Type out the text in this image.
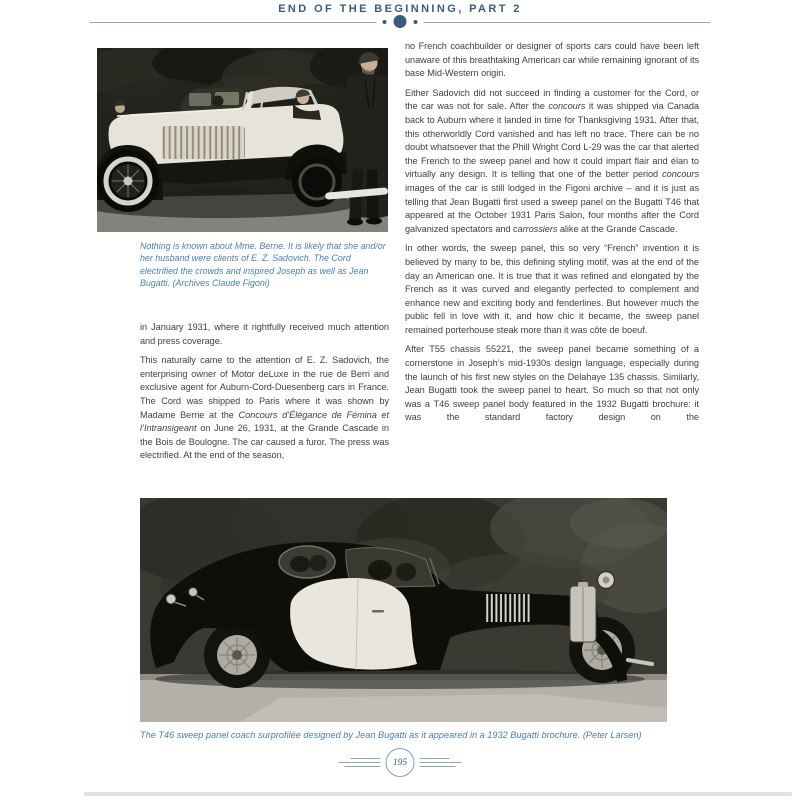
END OF THE BEGINNING, PART 2
Nothing is known about Mme. Berne. It is likely that she and/or her husband were clients of E. Z. Sadovich. The Cord electrified the crowds and inspired Joseph as well as Jean Bugatti. (Archives Claude Figoni)

in January 1931, where it rightfully received much attention and press coverage.

This naturally came to the attention of E. Z. Sadovich, the enterprising owner of Motor deLuxe in the rue de Berri and exclusive agent for Auburn-Cord-Duesenberg cars in France. The Cord was shipped to Paris where it was shown by Madame Berne at the Concours d’Élégance de Fémina et l’Intransigeant on June 26, 1931, at the Grande Cascade in the Bois de Boulogne. The car caused a furor. The press was electrified. At the end of the season,

no French coachbuilder or designer of sports cars could have been left unaware of this breathtaking American car while remaining ignorant of its base Mid-Western origin.

Either Sadovich did not succeed in finding a customer for the Cord, or the car was not for sale. After the concours it was shipped via Canada back to Auburn where it landed in time for Thanksgiving 1931. After that, this otherworldly Cord vanished and has left no trace. There can be no doubt whatsoever that the Phill Wright Cord L-29 was the car that alerted the French to the sweep panel and how it could impart flair and élan to virtually any design. It is telling that one of the better period concours images of the car is still lodged in the Figoni archive – and it is just as telling that Jean Bugatti first used a sweep panel on the Bugatti T46 that appeared at the October 1931 Paris Salon, four months after the Cord galvanized spectators and carrossiers alike at the Grande Cascade.

In other words, the sweep panel, this so very “French” invention it is believed by many to be, this defining styling motif, was at the end of the day an American one. It is true that it was refined and elongated by the French as it was curved and elegantly perfected to complement and enhance new and exciting body and fenderlines. But however much the public fell in love with it, and how chic it became, the sweep panel remained porterhouse steak more than it was côte de boeuf.

After T55 chassis 55221, the sweep panel became something of a cornerstone in Joseph’s mid-1930s design language, especially during the launch of his first new styles on the Delahaye 135 chassis. Similarly, Jean Bugatti took the sweep panel to heart. So much so that not only was a T46 sweep panel body featured in the 1932 Bugatti brochure: it was the standard factory design on the

The T46 sweep panel coach surprofilée designed by Jean Bugatti as it appeared in a 1932 Bugatti brochure. (Peter Larsen)
195
